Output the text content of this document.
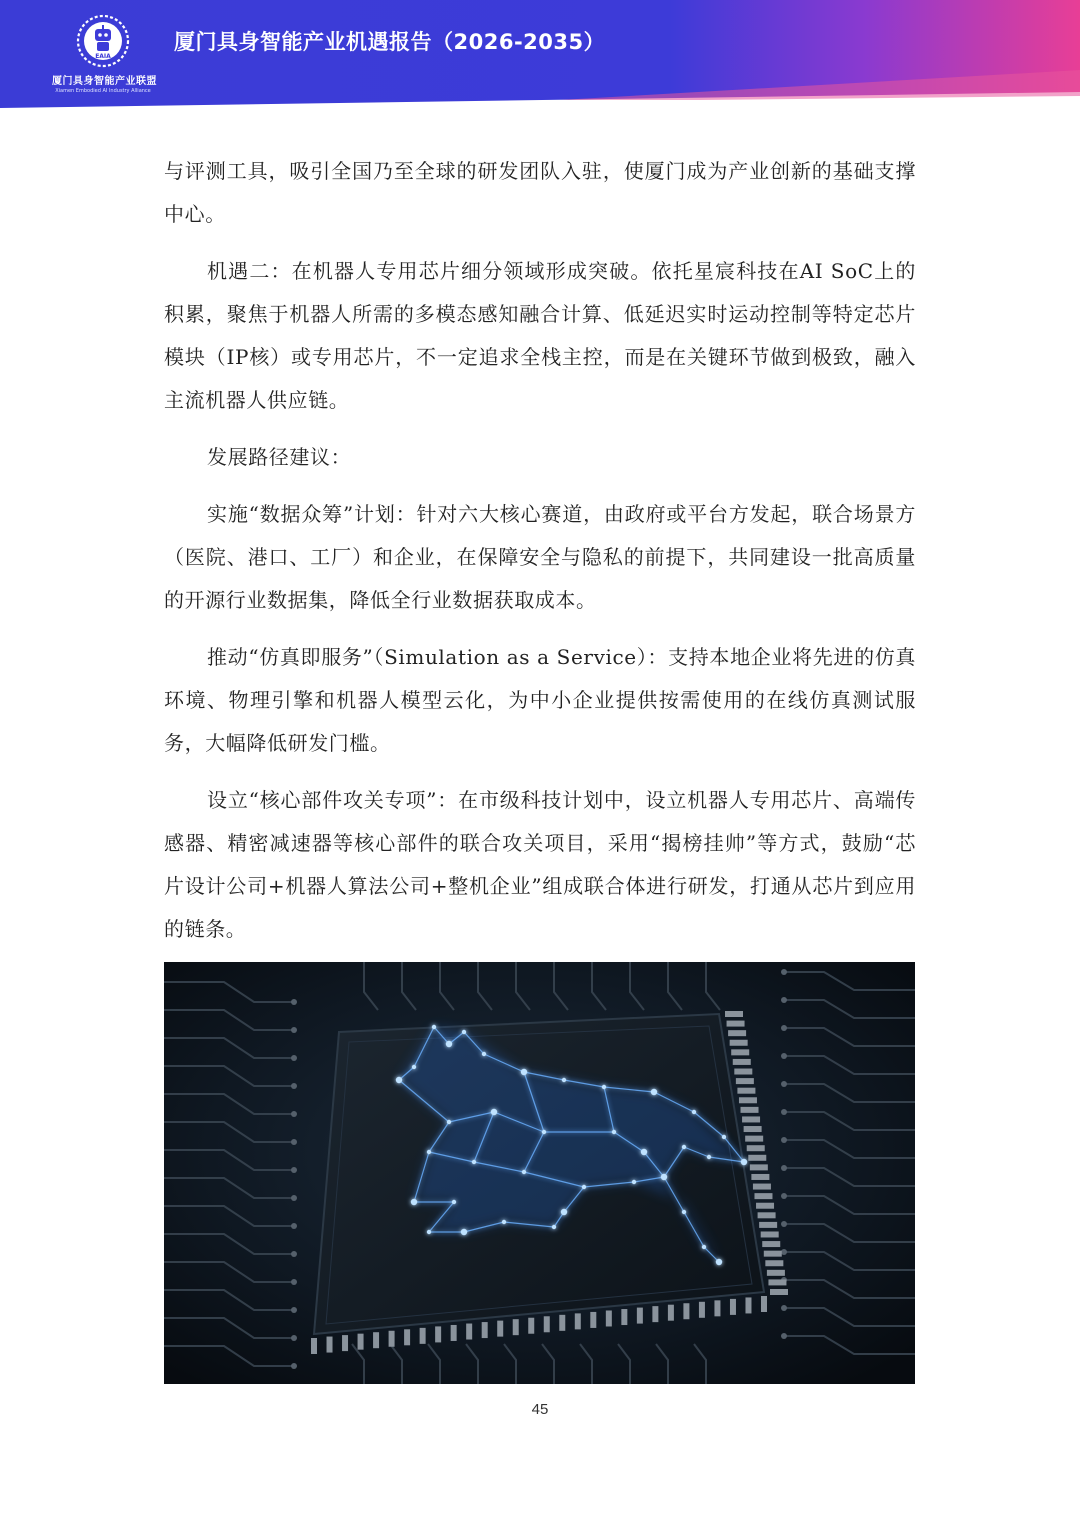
EAIA
厦门具身智能产业联盟
Xiamen Embodied AI Industry Alliance
厦门具身智能产业机遇报告（2026-2035）

与评测工具，吸引全国乃至全球的研发团队入驻，使厦门成为产业创新的基础支撑中心。

机遇二：在机器人专用芯片细分领域形成突破。依托星宸科技在AI SoC上的积累，聚焦于机器人所需的多模态感知融合计算、低延迟实时运动控制等特定芯片模块（IP核）或专用芯片，不一定追求全栈主控，而是在关键环节做到极致，融入主流机器人供应链。

发展路径建议：

实施“数据众筹”计划：针对六大核心赛道，由政府或平台方发起，联合场景方（医院、港口、工厂）和企业，在保障安全与隐私的前提下，共同建设一批高质量的开源行业数据集，降低全行业数据获取成本。

推动“仿真即服务”（Simulation as a Service）：支持本地企业将先进的仿真环境、物理引擎和机器人模型云化，为中小企业提供按需使用的在线仿真测试服务，大幅降低研发门槛。

设立“核心部件攻关专项”：在市级科技计划中，设立机器人专用芯片、高端传感器、精密减速器等核心部件的联合攻关项目，采用“揭榜挂帅”等方式，鼓励“芯片设计公司+机器人算法公司+整机企业”组成联合体进行研发，打通从芯片到应用的链条。

45
